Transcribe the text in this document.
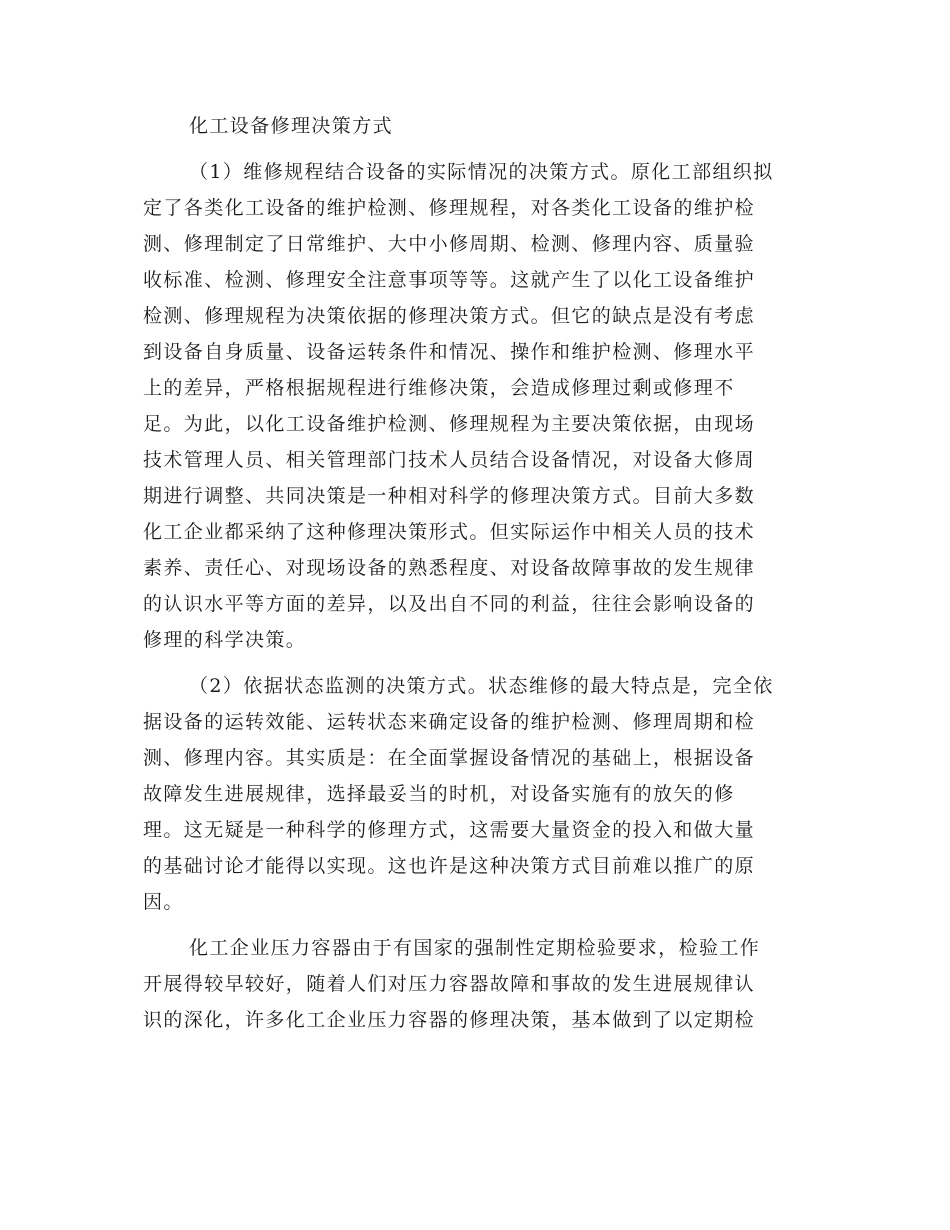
化工设备修理决策方式
（1）维修规程结合设备的实际情况的决策方式。原化工部组织拟
定了各类化工设备的维护检测、修理规程，对各类化工设备的维护检
测、修理制定了日常维护、大中小修周期、检测、修理内容、质量验
收标准、检测、修理安全注意事项等等。这就产生了以化工设备维护
检测、修理规程为决策依据的修理决策方式。但它的缺点是没有考虑
到设备自身质量、设备运转条件和情况、操作和维护检测、修理水平
上的差异，严格根据规程进行维修决策，会造成修理过剩或修理不
足。为此，以化工设备维护检测、修理规程为主要决策依据，由现场
技术管理人员、相关管理部门技术人员结合设备情况，对设备大修周
期进行调整、共同决策是一种相对科学的修理决策方式。目前大多数
化工企业都采纳了这种修理决策形式。但实际运作中相关人员的技术
素养、责任心、对现场设备的熟悉程度、对设备故障事故的发生规律
的认识水平等方面的差异，以及出自不同的利益，往往会影响设备的
修理的科学决策。
（2）依据状态监测的决策方式。状态维修的最大特点是，完全依
据设备的运转效能、运转状态来确定设备的维护检测、修理周期和检
测、修理内容。其实质是：在全面掌握设备情况的基础上，根据设备
故障发生进展规律，选择最妥当的时机，对设备实施有的放矢的修
理。这无疑是一种科学的修理方式，这需要大量资金的投入和做大量
的基础讨论才能得以实现。这也许是这种决策方式目前难以推广的原
因。
化工企业压力容器由于有国家的强制性定期检验要求，检验工作
开展得较早较好，随着人们对压力容器故障和事故的发生进展规律认
识的深化，许多化工企业压力容器的修理决策，基本做到了以定期检
